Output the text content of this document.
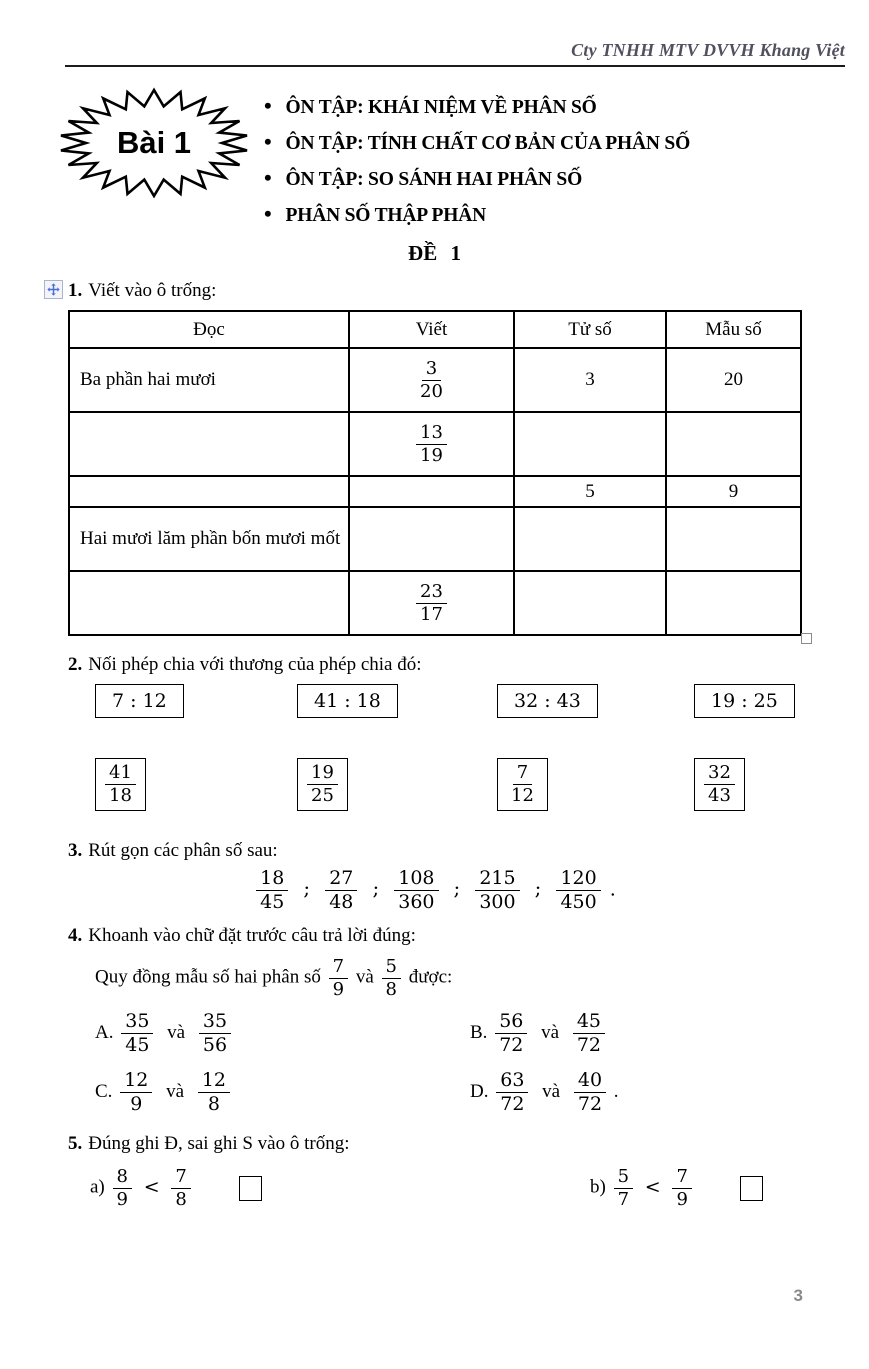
Cty TNHH MTV DVVH Khang Việt
Bài 1
• ÔN TẬP: KHÁI NIỆM VỀ PHÂN SỐ
• ÔN TẬP: TÍNH CHẤT CƠ BẢN CỦA PHÂN SỐ
• ÔN TẬP: SO SÁNH HAI PHÂN SỐ
• PHÂN SỐ THẬP PHÂN
ĐỀ 1
1. Viết vào ô trống:
Đọc	Viết	Tử số	Mẫu số
Ba phần hai mươi	$\frac{3}{20}$	3	20

	$\frac{13}{19}$

		5	9
Hai mươi lăm phần bốn mươi mốt			

	$\frac{23}{17}$

2. Nối phép chia với thương của phép chia đó:
7 : 12	41 : 18	32 : 43	19 : 25
$\frac{41}{18}$	$\frac{19}{25}$	$\frac{7}{12}$	$\frac{32}{43}$
3. Rút gọn các phân số sau:
$\frac{18}{45}$ ; $\frac{27}{48}$ ; $\frac{108}{360}$ ; $\frac{215}{300}$ ; $\frac{120}{450}$ .
4. Khoanh vào chữ đặt trước câu trả lời đúng:
Quy đồng mẫu số hai phân số $\frac{7}{9}$ và $\frac{5}{8}$ được:
A. $\frac{35}{45}$ và $\frac{35}{56}$	B. $\frac{56}{72}$ và $\frac{45}{72}$
C. $\frac{12}{9}$ và $\frac{12}{8}$	D. $\frac{63}{72}$ và $\frac{40}{72}$ .
5. Đúng ghi Đ, sai ghi S vào ô trống:
$a) \frac{8}{9} < \frac{7}{8}$
	$b) \frac{5}{7} < \frac{7}{9}$

3
